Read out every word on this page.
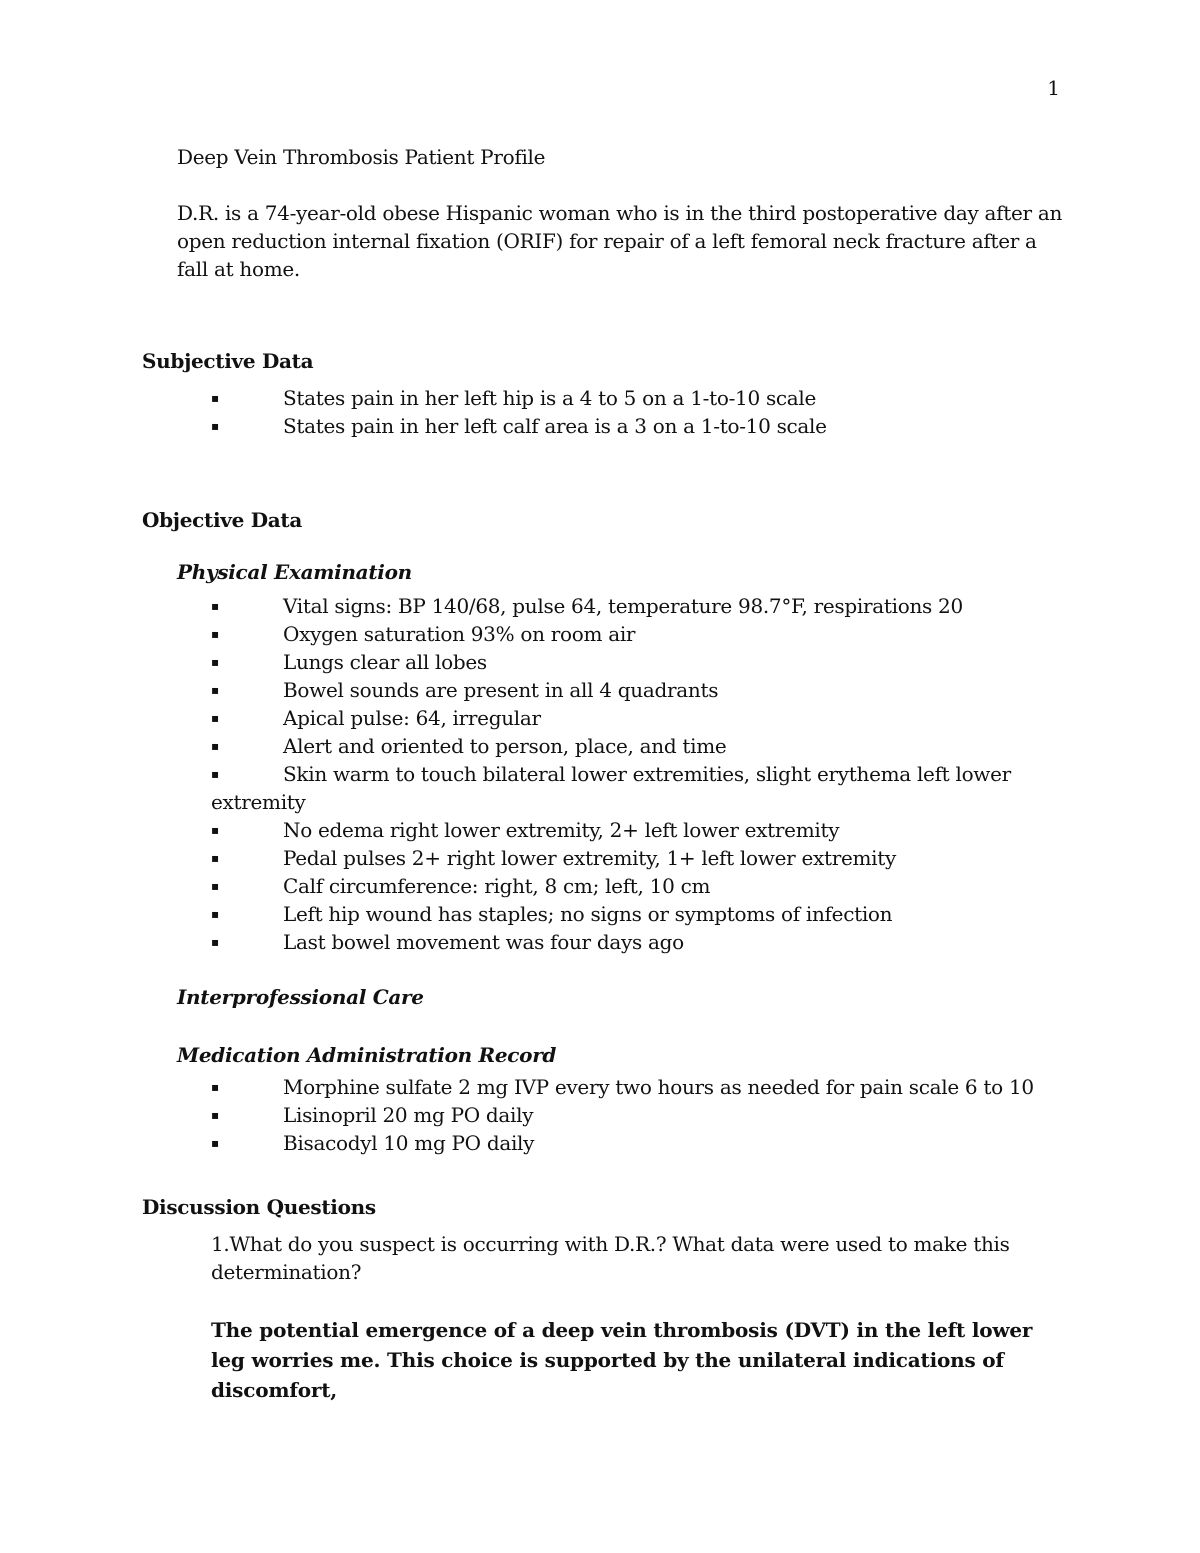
1
Deep Vein Thrombosis Patient Profile

D.R. is a 74-year-old obese Hispanic woman who is in the third postoperative day after an open reduction internal fixation (ORIF) for repair of a left femoral neck fracture after a fall at home.

Subjective Data
▪	States pain in her left hip is a 4 to 5 on a 1-to-10 scale
▪	States pain in her left calf area is a 3 on a 1-to-10 scale
Objective Data
Physical Examination
▪	Vital signs: BP 140/68, pulse 64, temperature 98.7°F, respirations 20
▪	Oxygen saturation 93% on room air
▪	Lungs clear all lobes
▪	Bowel sounds are present in all 4 quadrants
▪	Apical pulse: 64, irregular
▪	Alert and oriented to person, place, and time
▪	Skin warm to touch bilateral lower extremities, slight erythema left lower extremity
▪	No edema right lower extremity, 2+ left lower extremity
▪	Pedal pulses 2+ right lower extremity, 1+ left lower extremity
▪	Calf circumference: right, 8 cm; left, 10 cm
▪	Left hip wound has staples; no signs or symptoms of infection
▪	Last bowel movement was four days ago
Interprofessional Care
Medication Administration Record
▪	Morphine sulfate 2 mg IVP every two hours as needed for pain scale 6 to 10
▪	Lisinopril 20 mg PO daily
▪	Bisacodyl 10 mg PO daily
Discussion Questions

1.What do you suspect is occurring with D.R.? What data were used to make this determination?

The potential emergence of a deep vein thrombosis (DVT) in the left lower leg worries me. This choice is supported by the unilateral indications of discomfort,
